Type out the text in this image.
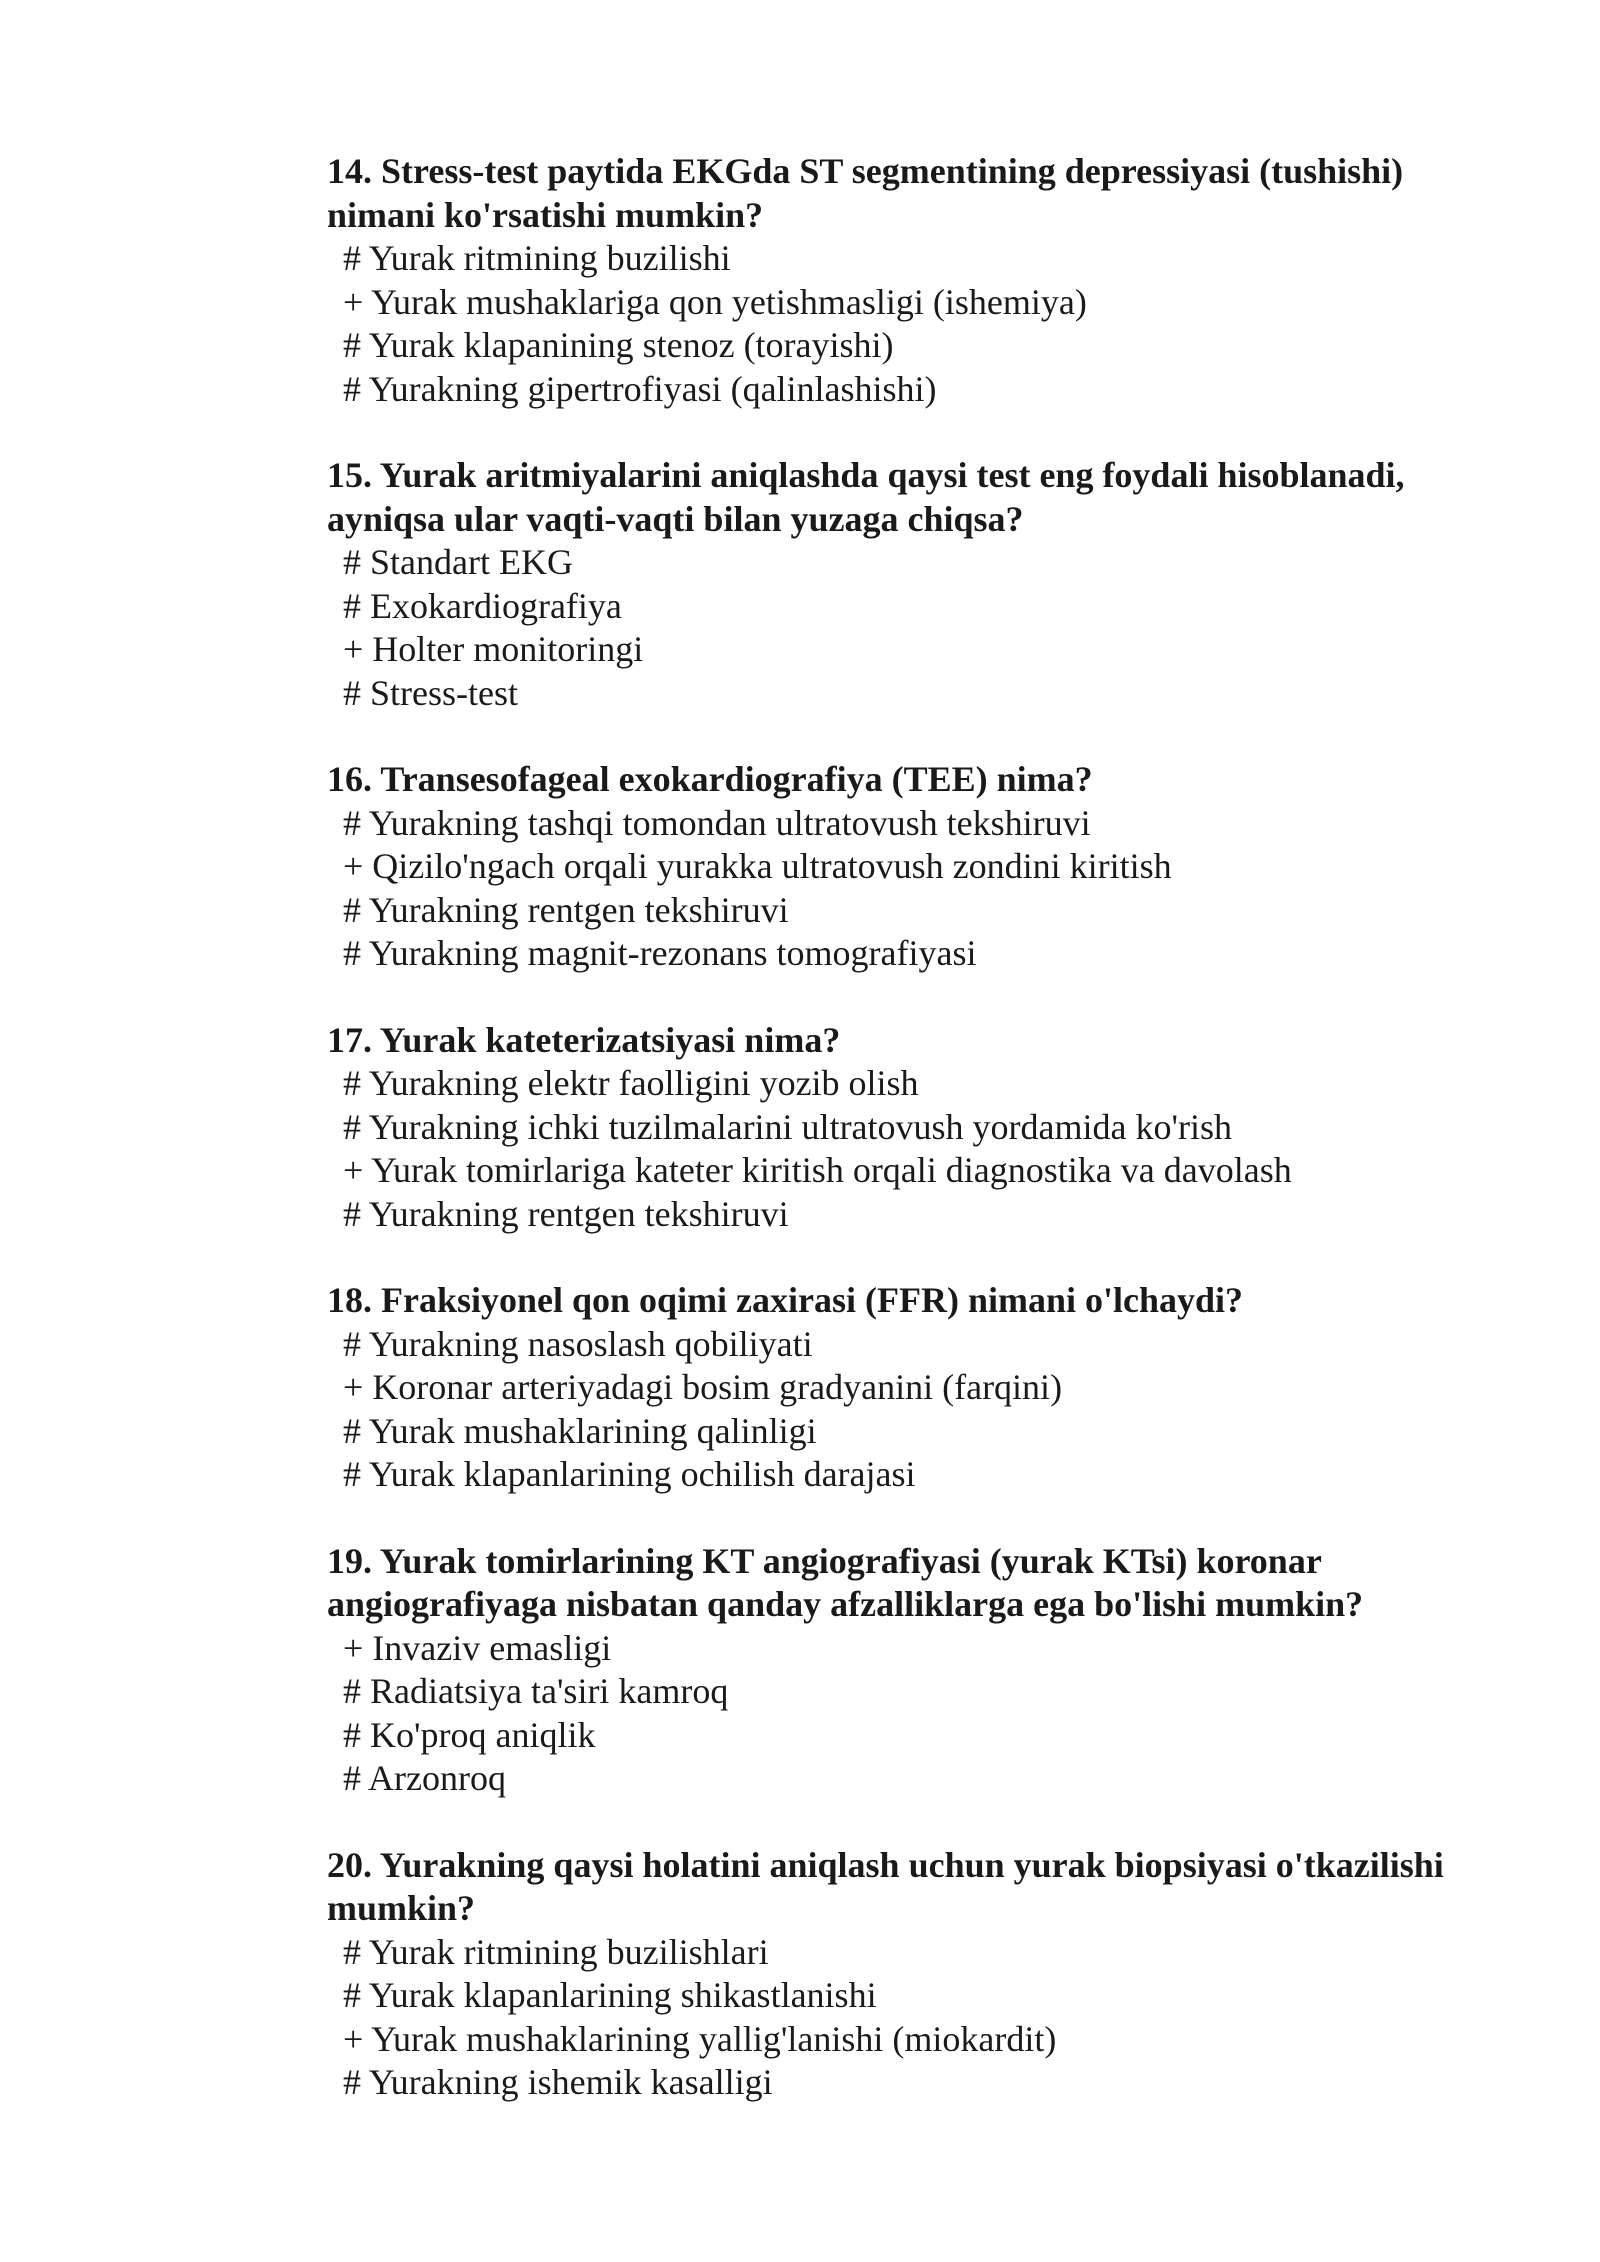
14. Stress-test paytida EKGda ST segmentining depressiyasi (tushishi) nimani ko'rsatishi mumkin?

# Yurak ritmining buzilishi
+ Yurak mushaklariga qon yetishmasligi (ishemiya)
# Yurak klapanining stenoz (torayishi)
# Yurakning gipertrofiyasi (qalinlashishi)

15. Yurak aritmiyalarini aniqlashda qaysi test eng foydali hisoblanadi, ayniqsa ular vaqti-vaqti bilan yuzaga chiqsa?

# Standart EKG
# Exokardiografiya
+ Holter monitoringi
# Stress-test

16. Transesofageal exokardiografiya (TEE) nima?

# Yurakning tashqi tomondan ultratovush tekshiruvi
+ Qizilo'ngach orqali yurakka ultratovush zondini kiritish
# Yurakning rentgen tekshiruvi
# Yurakning magnit-rezonans tomografiyasi

17. Yurak kateterizatsiyasi nima?

# Yurakning elektr faolligini yozib olish
# Yurakning ichki tuzilmalarini ultratovush yordamida ko'rish
+ Yurak tomirlariga kateter kiritish orqali diagnostika va davolash
# Yurakning rentgen tekshiruvi

18. Fraksiyonel qon oqimi zaxirasi (FFR) nimani o'lchaydi?

# Yurakning nasoslash qobiliyati
+ Koronar arteriyadagi bosim gradyanini (farqini)
# Yurak mushaklarining qalinligi
# Yurak klapanlarining ochilish darajasi

19. Yurak tomirlarining KT angiografiyasi (yurak KTsi) koronar angiografiyaga nisbatan qanday afzalliklarga ega bo'lishi mumkin?

+ Invaziv emasligi
# Radiatsiya ta'siri kamroq
# Ko'proq aniqlik
# Arzonroq

20. Yurakning qaysi holatini aniqlash uchun yurak biopsiyasi o'tkazilishi mumkin?

# Yurak ritmining buzilishlari
# Yurak klapanlarining shikastlanishi
+ Yurak mushaklarining yallig'lanishi (miokardit)
# Yurakning ishemik kasalligi
